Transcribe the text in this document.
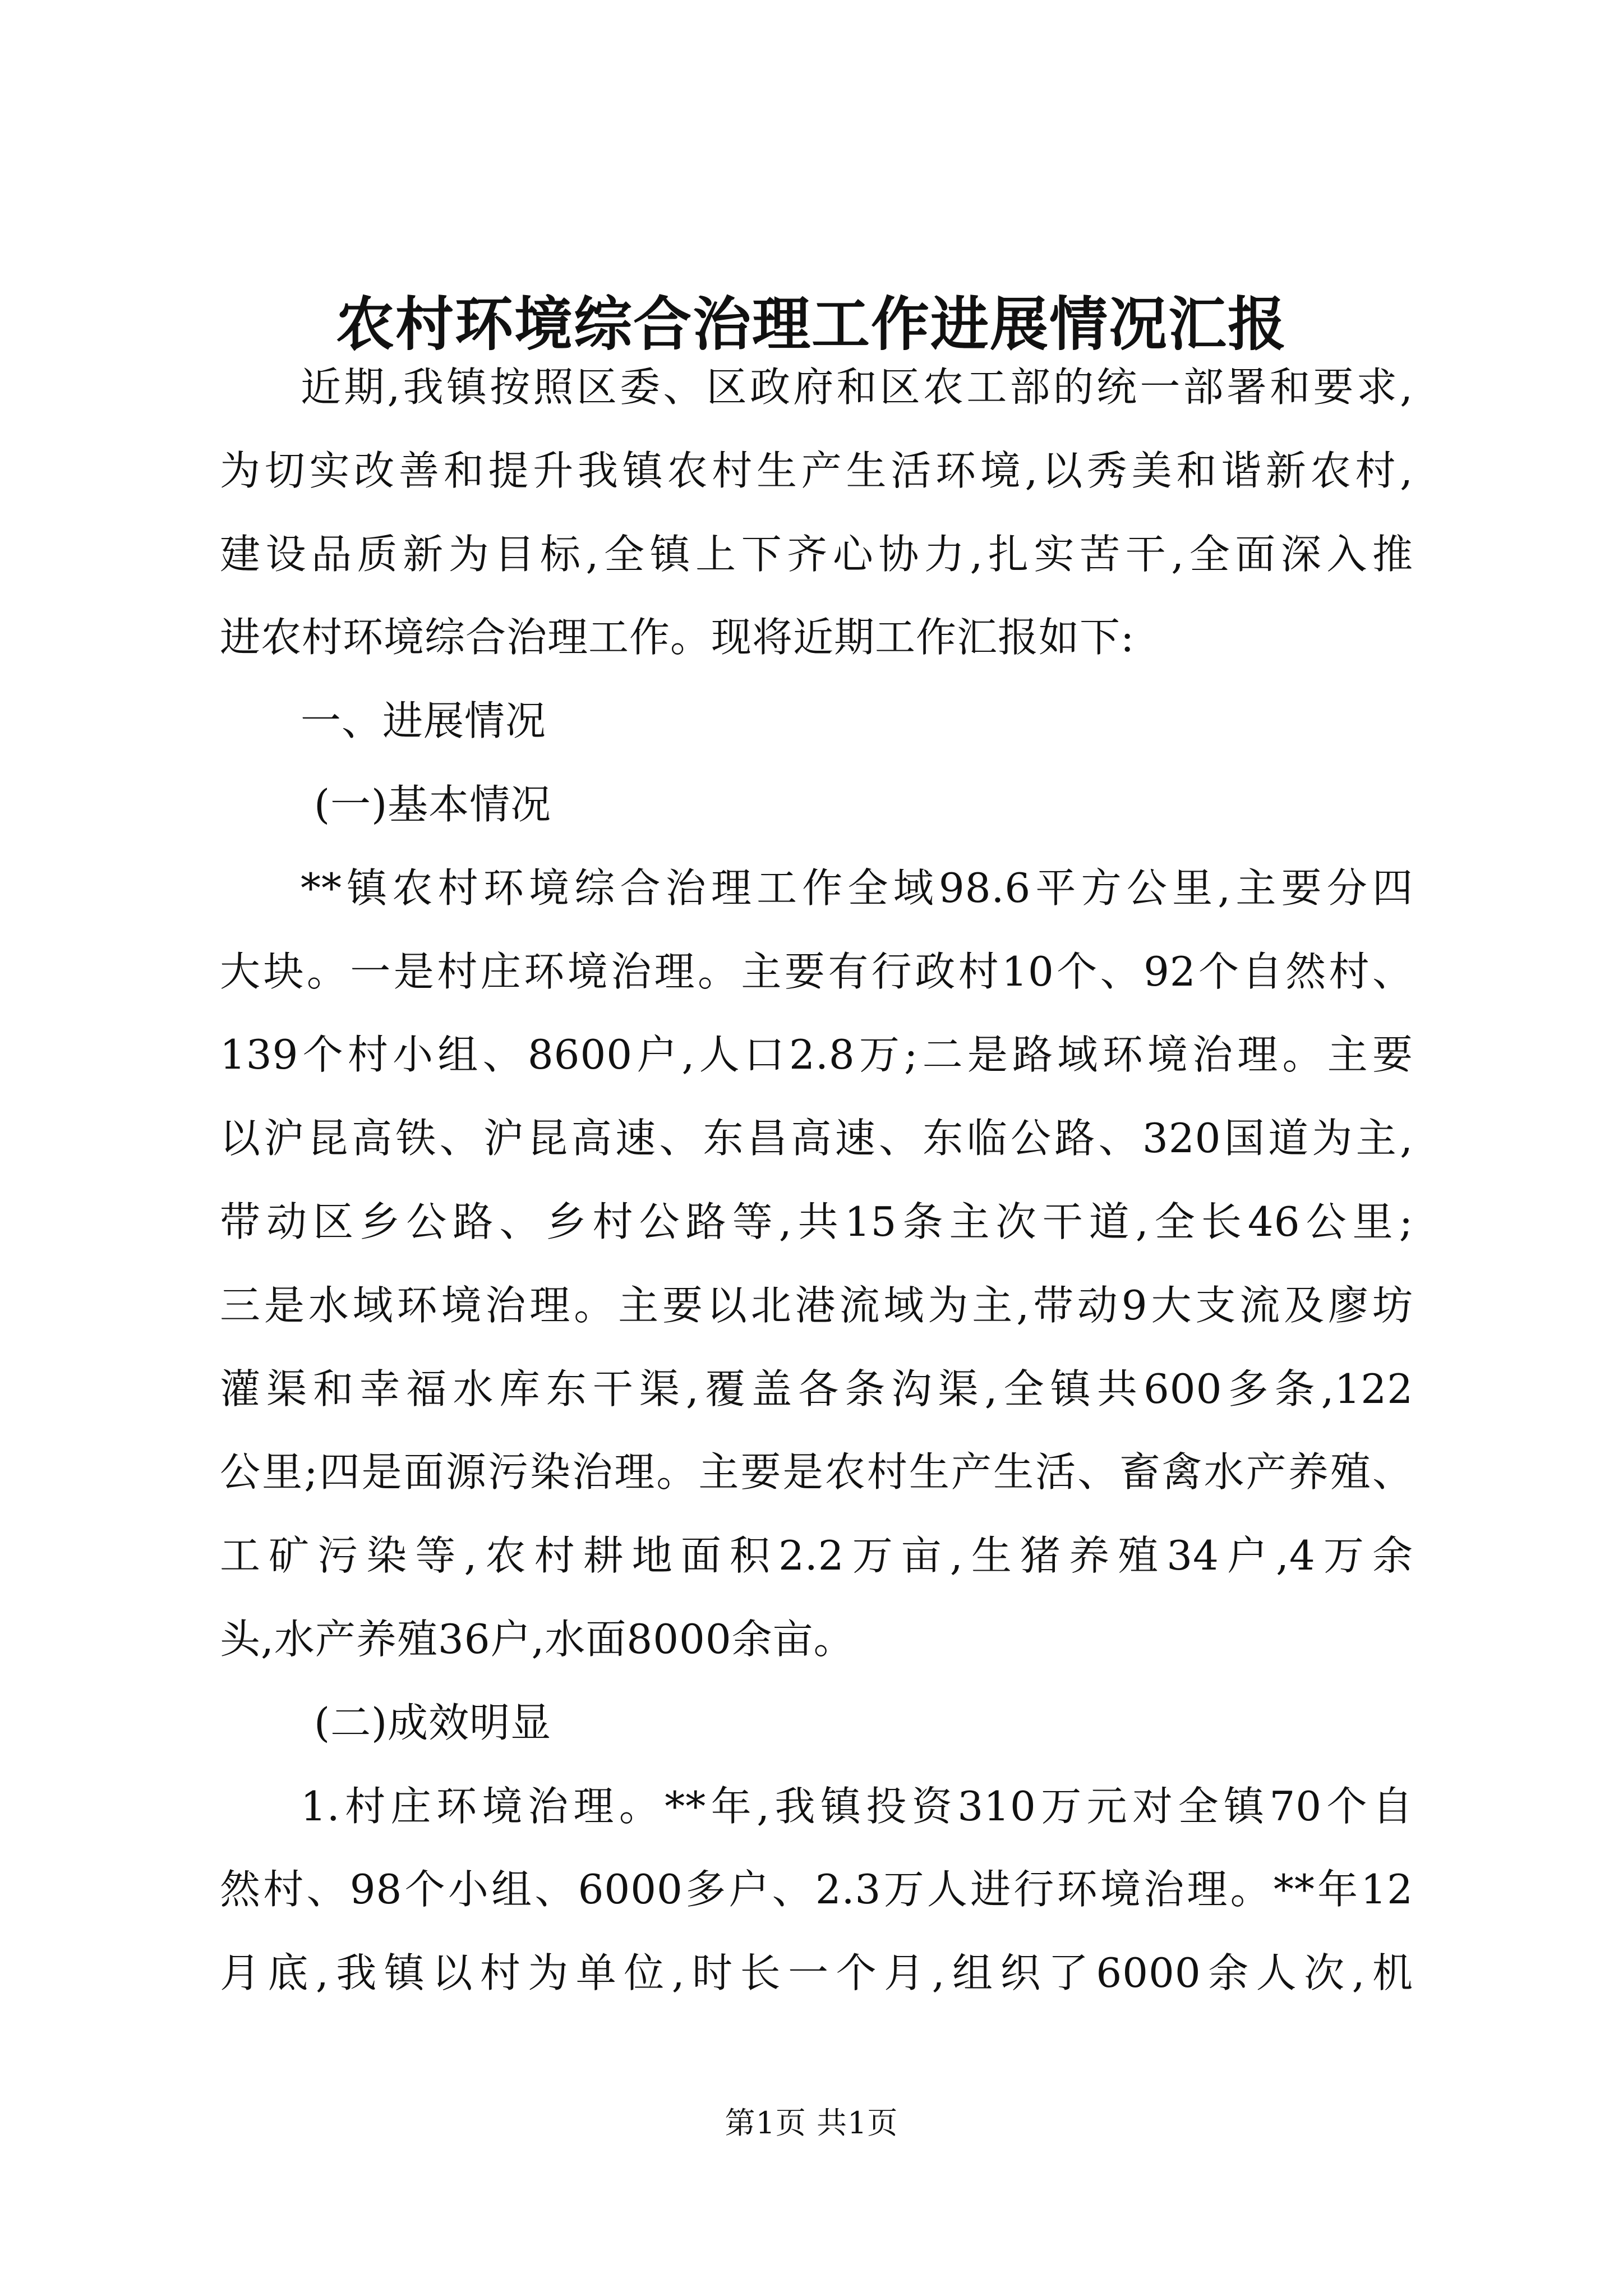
农村环境综合治理工作进展情况汇报
近期,我镇按照区委、区政府和区农工部的统一部署和要求,
为切实改善和提升我镇农村生产生活环境,以秀美和谐新农村,
建设品质新为目标,全镇上下齐心协力,扎实苦干,全面深入推
进农村环境综合治理工作。现将近期工作汇报如下:
一、进展情况
(一)基本情况
**镇农村环境综合治理工作全域98.6平方公里,主要分四
大块。一是村庄环境治理。主要有行政村10个、92个自然村、
139个村小组、8600户,人口2.8万;二是路域环境治理。主要
以沪昆高铁、沪昆高速、东昌高速、东临公路、320国道为主,
带动区乡公路、乡村公路等,共15条主次干道,全长46公里;
三是水域环境治理。主要以北港流域为主,带动9大支流及廖坊
灌渠和幸福水库东干渠,覆盖各条沟渠,全镇共600多条,122
公里;四是面源污染治理。主要是农村生产生活、畜禽水产养殖、
工矿污染等,农村耕地面积2.2万亩,生猪养殖34户,4万余
头,水产养殖36户,水面8000余亩。
(二)成效明显
1.村庄环境治理。**年,我镇投资310万元对全镇70个自
然村、98个小组、6000多户、2.3万人进行环境治理。**年12
月底,我镇以村为单位,时长一个月,组织了6000余人次,机
第1页 共1页
